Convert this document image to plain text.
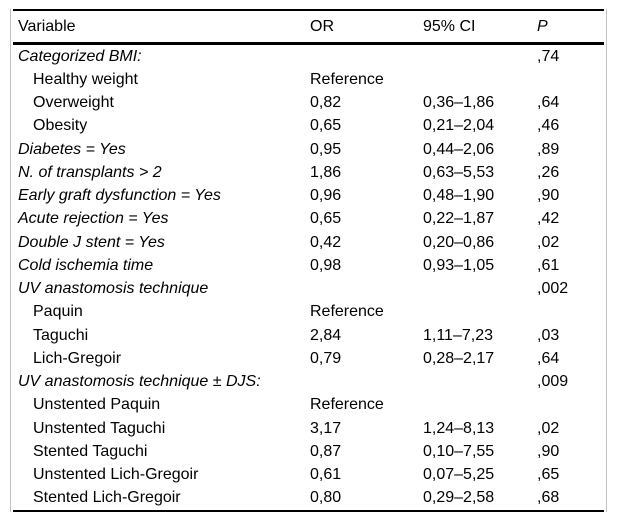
Variable	OR	95% CI	P
Categorized BMI:			,74
Healthy weight	Reference		
Overweight	0,82	0,36–1,86	,64
Obesity	0,65	0,21–2,04	,46
Diabetes = Yes	0,95	0,44–2,06	,89
N. of transplants > 2	1,86	0,63–5,53	,26
Early graft dysfunction = Yes	0,96	0,48–1,90	,90
Acute rejection = Yes	0,65	0,22–1,87	,42
Double J stent = Yes	0,42	0,20–0,86	,02
Cold ischemia time	0,98	0,93–1,05	,61
UV anastomosis technique			,002
Paquin	Reference		
Taguchi	2,84	1,11–7,23	,03
Lich-Gregoir	0,79	0,28–2,17	,64
UV anastomosis technique ± DJS:			,009
Unstented Paquin	Reference		
Unstented Taguchi	3,17	1,24–8,13	,02
Stented Taguchi	0,87	0,10–7,55	,90
Unstented Lich-Gregoir	0,61	0,07–5,25	,65
Stented Lich-Gregoir	0,80	0,29–2,58	,68
